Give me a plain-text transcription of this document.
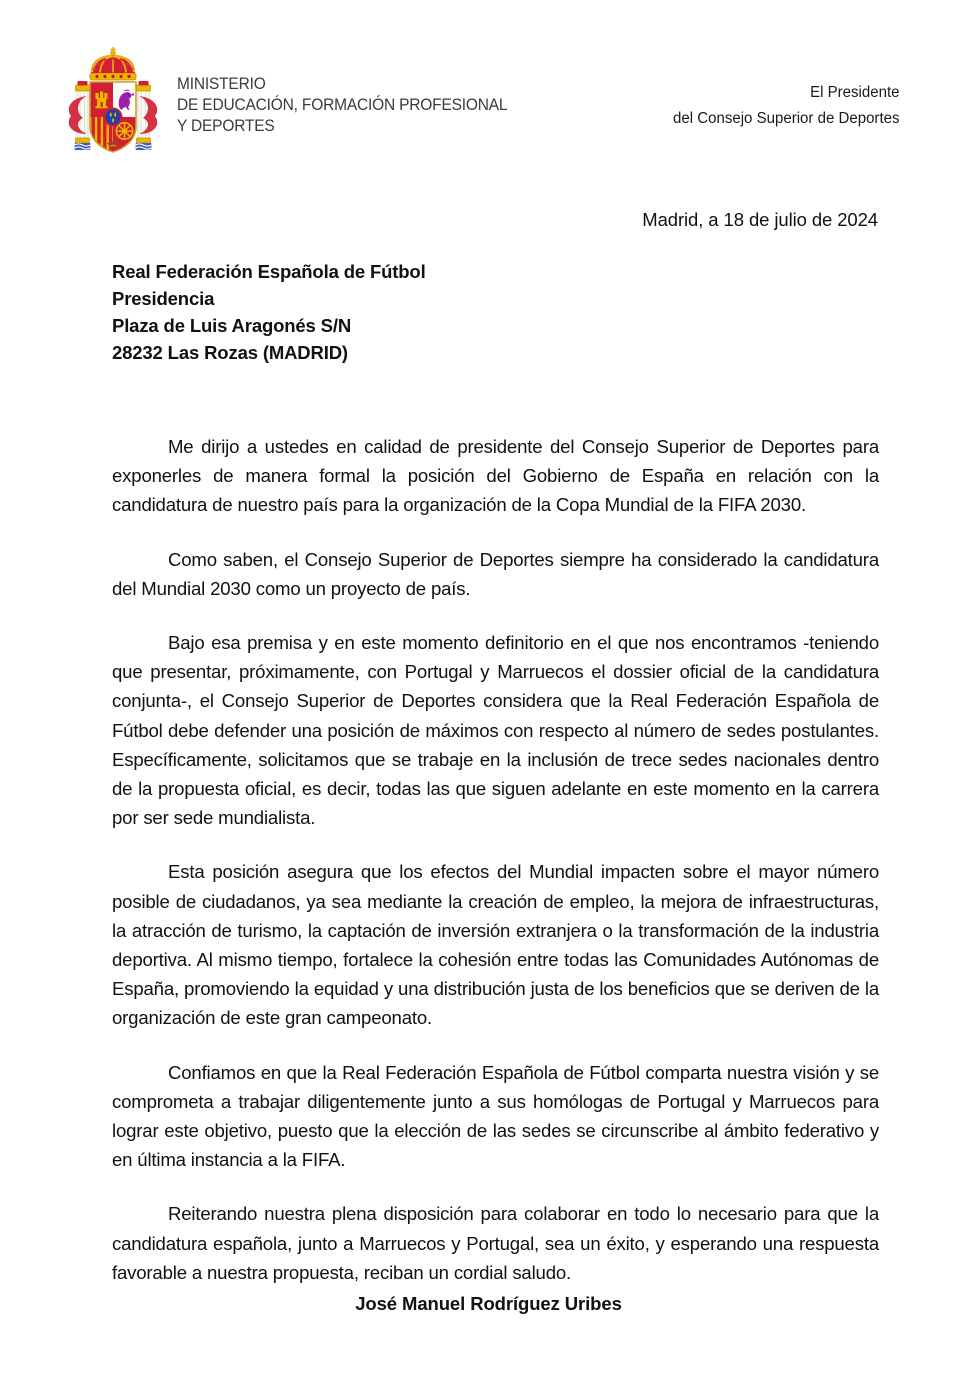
MINISTERIO
DE EDUCACIÓN, FORMACIÓN PROFESIONAL
Y DEPORTES
El Presidente
del Consejo Superior de Deportes
Madrid, a 18 de julio de 2024
Real Federación Española de Fútbol
Presidencia
Plaza de Luis Aragonés S/N
28232 Las Rozas (MADRID)

Me dirijo a ustedes en calidad de presidente del Consejo Superior de Deportes para exponerles de manera formal la posición del Gobierno de España en relación con la candidatura de nuestro país para la organización de la Copa Mundial de la FIFA 2030.

Como saben, el Consejo Superior de Deportes siempre ha considerado la candidatura del Mundial 2030 como un proyecto de país.

Bajo esa premisa y en este momento definitorio en el que nos encontramos -teniendo que presentar, próximamente, con Portugal y Marruecos el dossier oficial de la candidatura conjunta-, el Consejo Superior de Deportes considera que la Real Federación Española de Fútbol debe defender una posición de máximos con respecto al número de sedes postulantes. Específicamente, solicitamos que se trabaje en la inclusión de trece sedes nacionales dentro de la propuesta oficial, es decir, todas las que siguen adelante en este momento en la carrera por ser sede mundialista.

Esta posición asegura que los efectos del Mundial impacten sobre el mayor número posible de ciudadanos, ya sea mediante la creación de empleo, la mejora de infraestructuras, la atracción de turismo, la captación de inversión extranjera o la transformación de la industria deportiva. Al mismo tiempo, fortalece la cohesión entre todas las Comunidades Autónomas de España, promoviendo la equidad y una distribución justa de los beneficios que se deriven de la organización de este gran campeonato.

Confiamos en que la Real Federación Española de Fútbol comparta nuestra visión y se comprometa a trabajar diligentemente junto a sus homólogas de Portugal y Marruecos para lograr este objetivo, puesto que la elección de las sedes se circunscribe al ámbito federativo y en última instancia a la FIFA.

Reiterando nuestra plena disposición para colaborar en todo lo necesario para que la candidatura española, junto a Marruecos y Portugal, sea un éxito, y esperando una respuesta favorable a nuestra propuesta, reciban un cordial saludo.

José Manuel Rodríguez Uribes
